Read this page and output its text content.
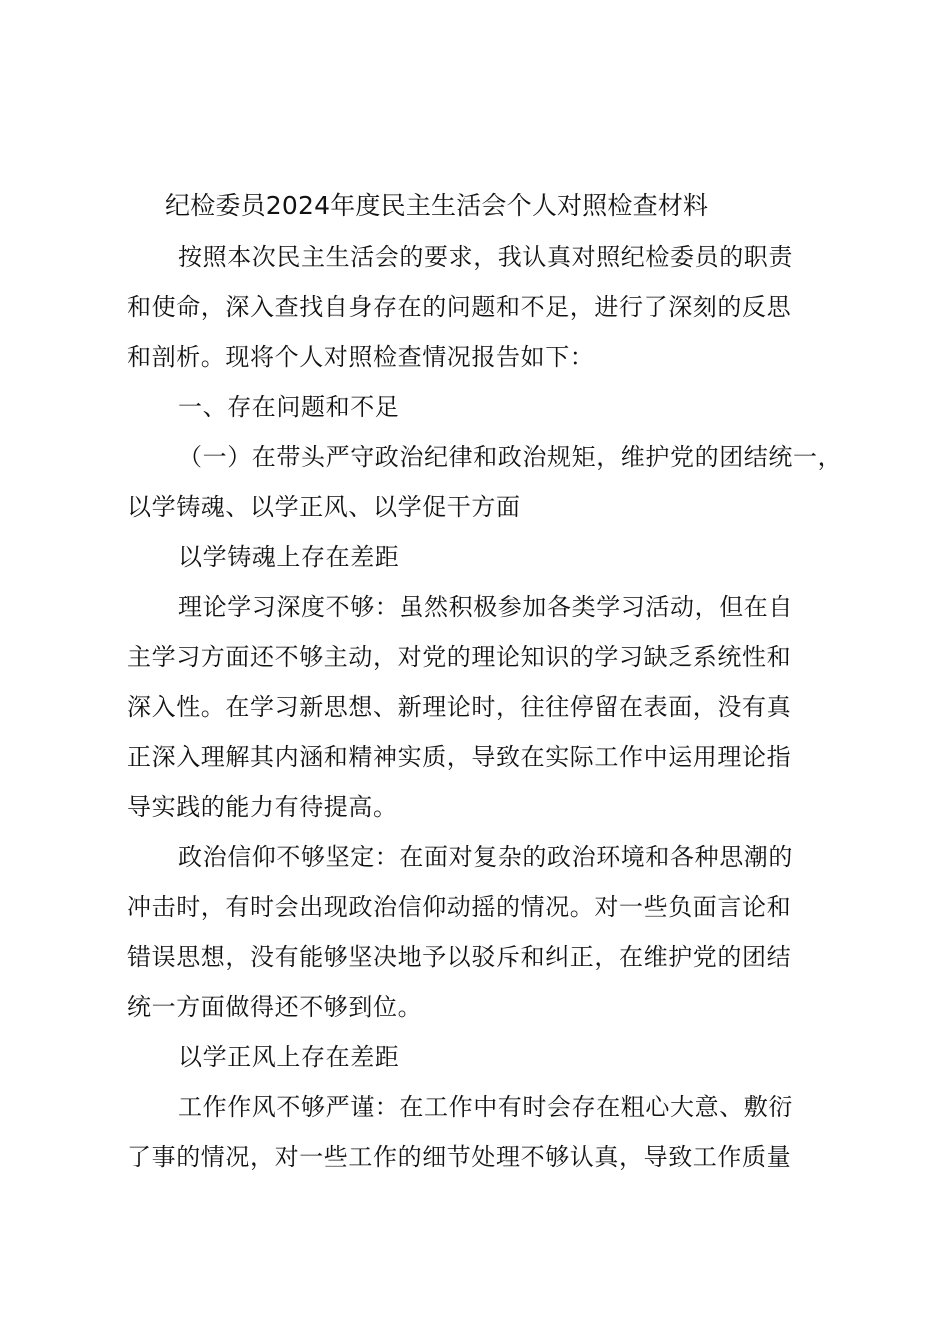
纪检委员2024年度民主生活会个人对照检查材料
按照本次民主生活会的要求，我认真对照纪检委员的职责
和使命，深入查找自身存在的问题和不足，进行了深刻的反思
和剖析。现将个人对照检查情况报告如下：
一、存在问题和不足
（一）在带头严守政治纪律和政治规矩，维护党的团结统一，
以学铸魂、以学正风、以学促干方面
以学铸魂上存在差距
理论学习深度不够：虽然积极参加各类学习活动，但在自
主学习方面还不够主动，对党的理论知识的学习缺乏系统性和
深入性。在学习新思想、新理论时，往往停留在表面，没有真
正深入理解其内涵和精神实质，导致在实际工作中运用理论指
导实践的能力有待提高。
政治信仰不够坚定：在面对复杂的政治环境和各种思潮的
冲击时，有时会出现政治信仰动摇的情况。对一些负面言论和
错误思想，没有能够坚决地予以驳斥和纠正，在维护党的团结
统一方面做得还不够到位。
以学正风上存在差距
工作作风不够严谨：在工作中有时会存在粗心大意、敷衍
了事的情况，对一些工作的细节处理不够认真，导致工作质量
